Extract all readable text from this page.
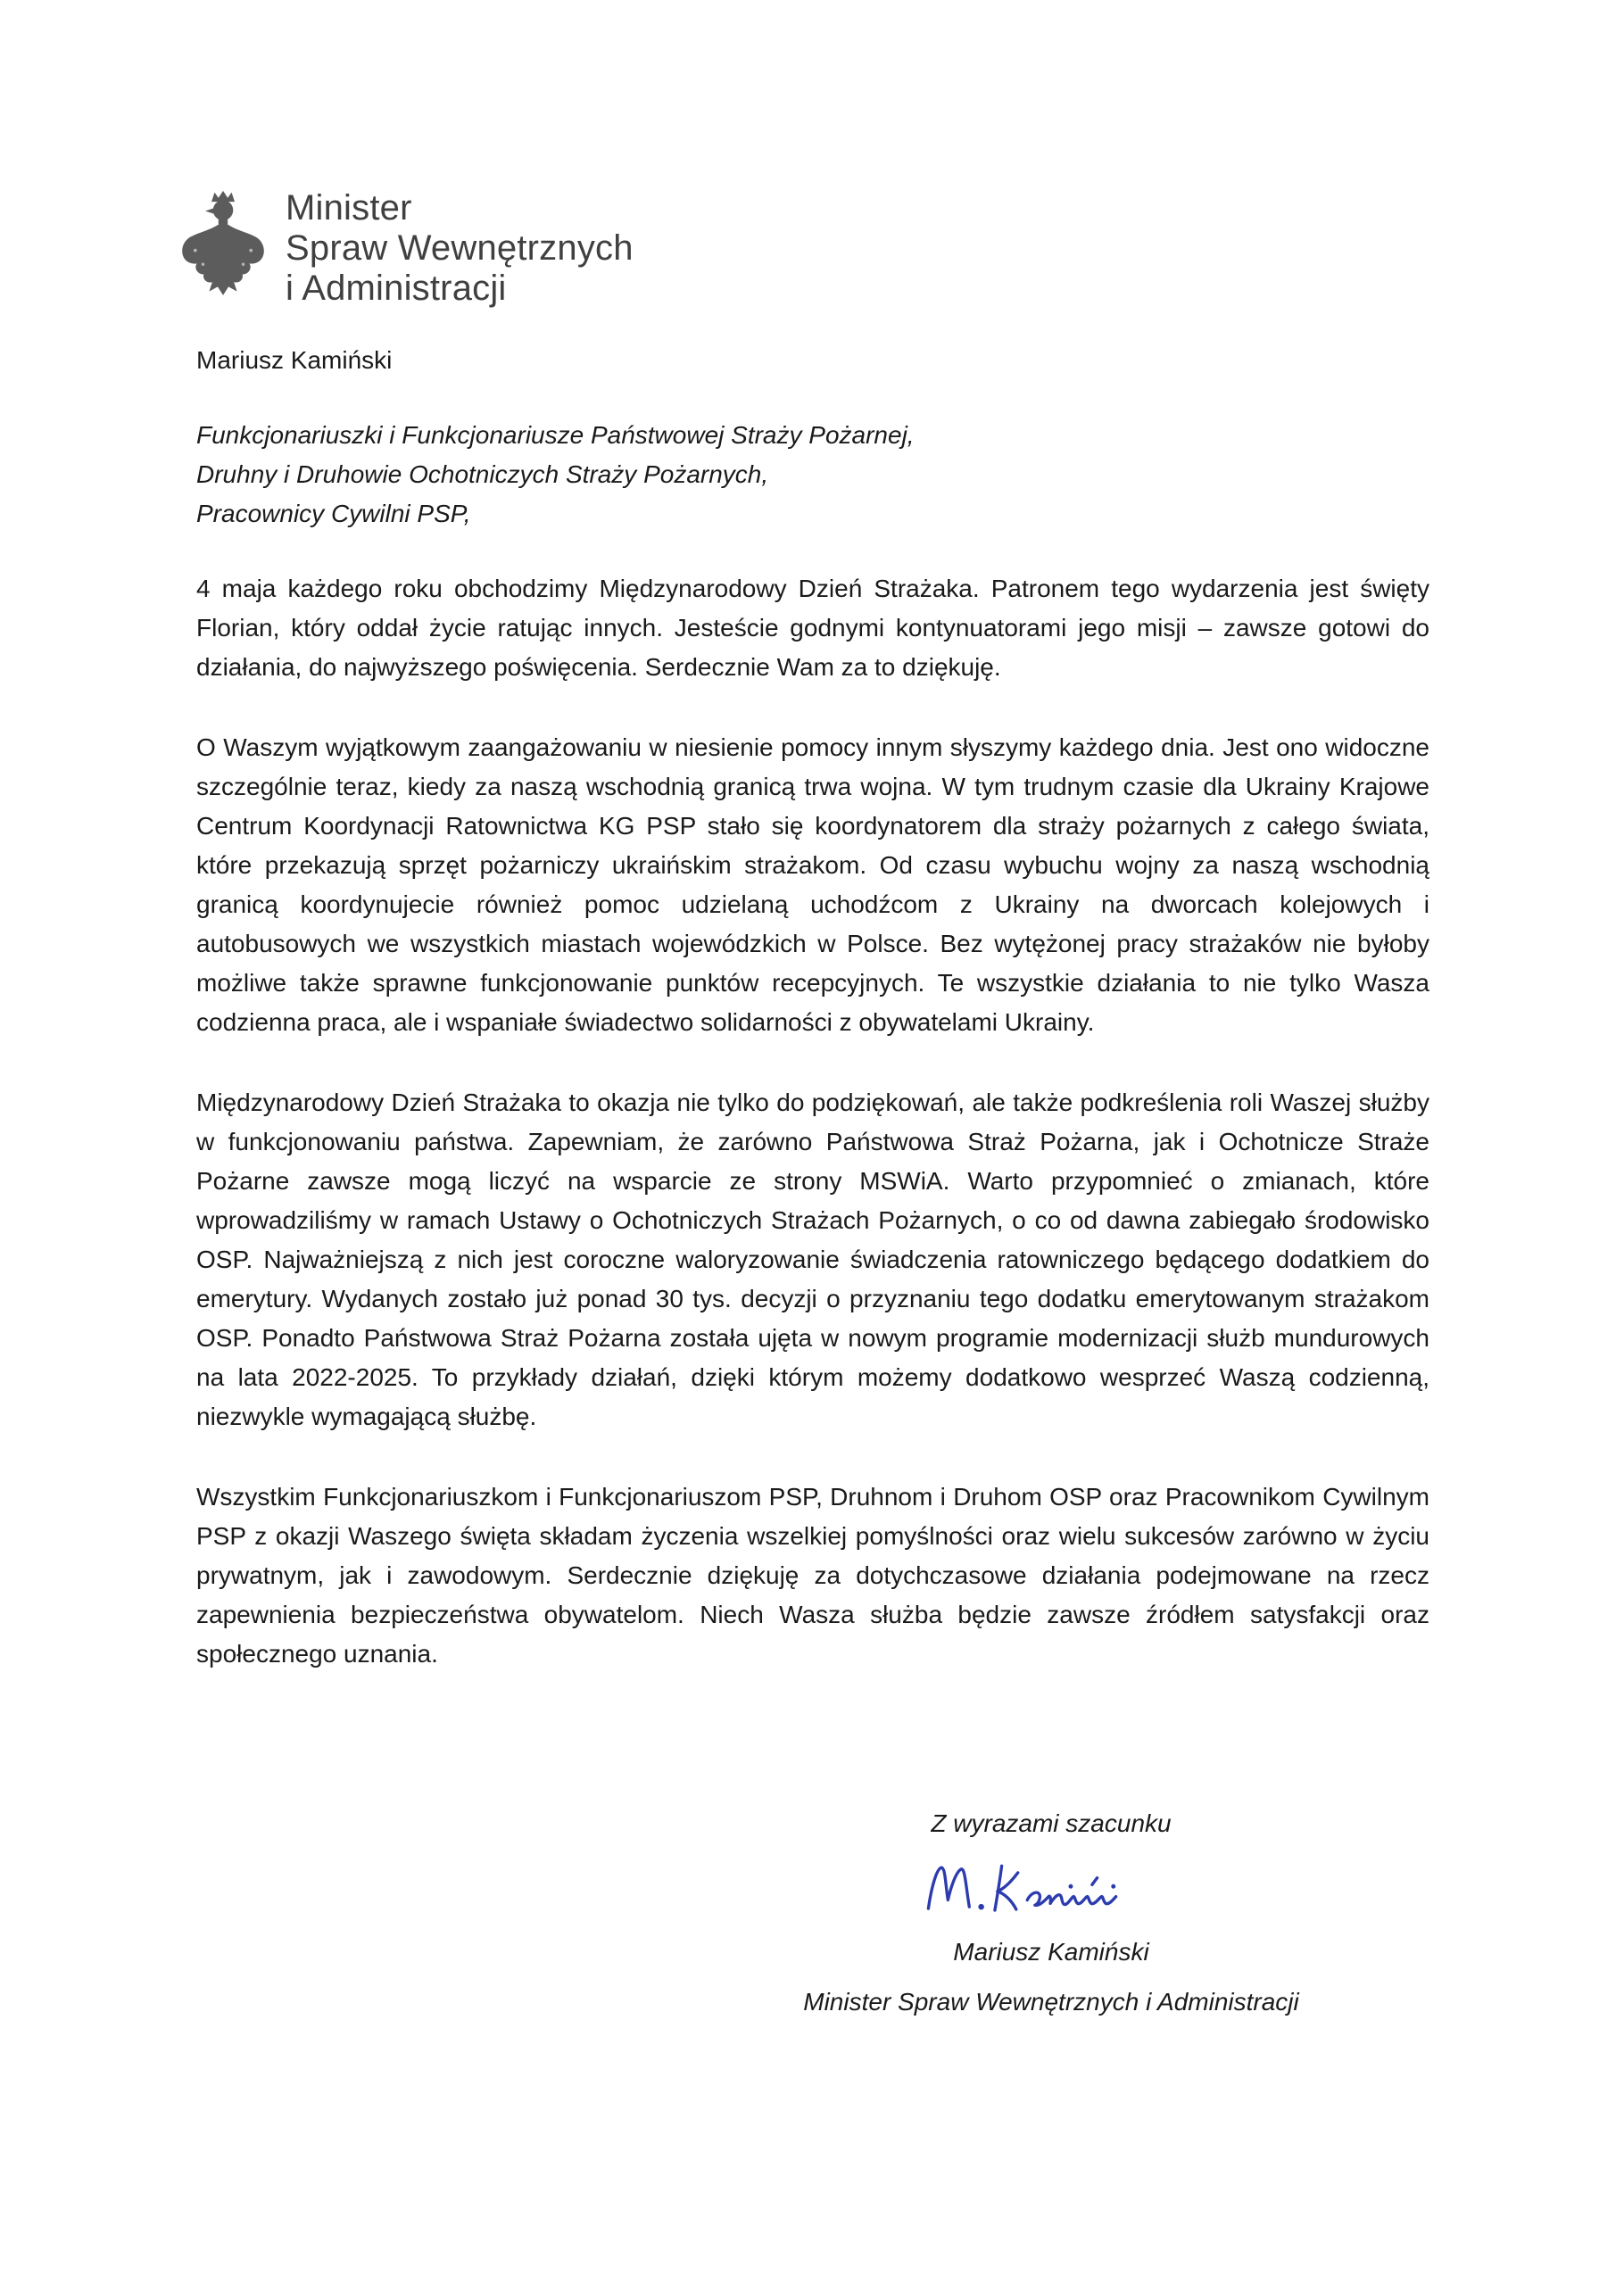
Minister
Spraw Wewnętrznych
i Administracji
Mariusz Kamiński
Funkcjonariuszki i Funkcjonariusze Państwowej Straży Pożarnej,
Druhny i Druhowie Ochotniczych Straży Pożarnych,
Pracownicy Cywilni PSP,

4 maja każdego roku obchodzimy Międzynarodowy Dzień Strażaka. Patronem tego wydarzenia jest święty Florian, który oddał życie ratując innych. Jesteście godnymi kontynuatorami jego misji – zawsze gotowi do działania, do najwyższego poświęcenia. Serdecznie Wam za to dziękuję.

O Waszym wyjątkowym zaangażowaniu w niesienie pomocy innym słyszymy każdego dnia. Jest ono widoczne szczególnie teraz, kiedy za naszą wschodnią granicą trwa wojna. W tym trudnym czasie dla Ukrainy Krajowe Centrum Koordynacji Ratownictwa KG PSP stało się koordynatorem dla straży pożarnych z całego świata, które przekazują sprzęt pożarniczy ukraińskim strażakom. Od czasu wybuchu wojny za naszą wschodnią granicą koordynujecie również pomoc udzielaną uchodźcom z Ukrainy na dworcach kolejowych i autobusowych we wszystkich miastach wojewódzkich w Polsce. Bez wytężonej pracy strażaków nie byłoby możliwe także sprawne funkcjonowanie punktów recepcyjnych. Te wszystkie działania to nie tylko Wasza codzienna praca, ale i wspaniałe świadectwo solidarności z obywatelami Ukrainy.

Międzynarodowy Dzień Strażaka to okazja nie tylko do podziękowań, ale także podkreślenia roli Waszej służby w funkcjonowaniu państwa. Zapewniam, że zarówno Państwowa Straż Pożarna, jak i Ochotnicze Straże Pożarne zawsze mogą liczyć na wsparcie ze strony MSWiA. Warto przypomnieć o zmianach, które wprowadziliśmy w ramach Ustawy o Ochotniczych Strażach Pożarnych, o co od dawna zabiegało środowisko OSP. Najważniejszą z nich jest coroczne waloryzowanie świadczenia ratowniczego będącego dodatkiem do emerytury. Wydanych zostało już ponad 30 tys. decyzji o przyznaniu tego dodatku emerytowanym strażakom OSP. Ponadto Państwowa Straż Pożarna została ujęta w nowym programie modernizacji służb mundurowych na lata 2022-2025. To przykłady działań, dzięki którym możemy dodatkowo wesprzeć Waszą codzienną, niezwykle wymagającą służbę.

Wszystkim Funkcjonariuszkom i Funkcjonariuszom PSP, Druhnom i Druhom OSP oraz Pracownikom Cywilnym PSP z okazji Waszego święta składam życzenia wszelkiej pomyślności oraz wielu sukcesów zarówno w życiu prywatnym, jak i zawodowym. Serdecznie dziękuję za dotychczasowe działania podejmowane na rzecz zapewnienia bezpieczeństwa obywatelom. Niech Wasza służba będzie zawsze źródłem satysfakcji oraz społecznego uznania.

Z wyrazami szacunku
Mariusz Kamiński
Minister Spraw Wewnętrznych i Administracji
